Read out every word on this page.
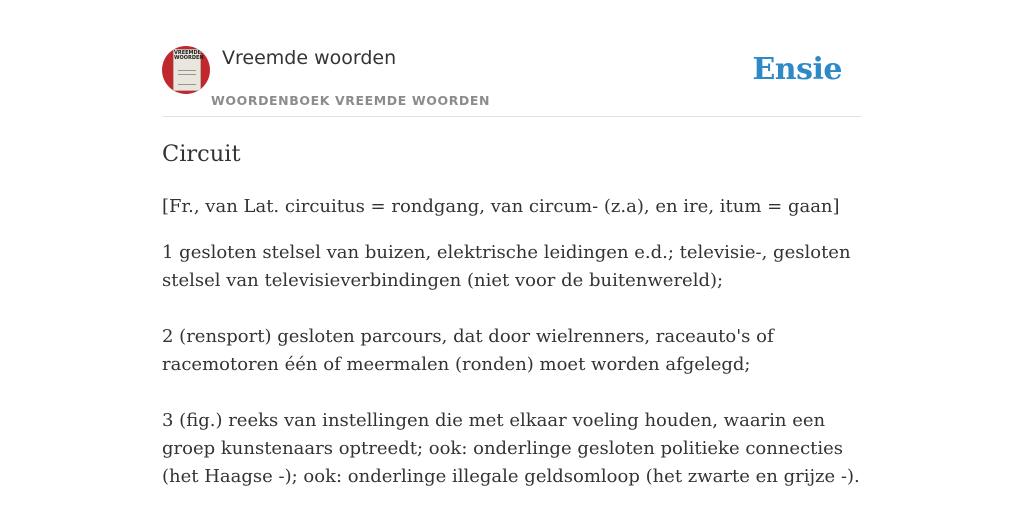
VREEMDE WOORDEN Vreemde woorden
WOORDENBOEK VREEMDE WOORDEN
Ensie
Circuit
[Fr., van Lat. circuitus = rondgang, van circum- (z.a), en ire, itum = gaan]

1 gesloten stelsel van buizen, elektrische leidingen e.d.; televisie-, gesloten stelsel van televisieverbindingen (niet voor de buitenwereld);

2 (rensport) gesloten parcours, dat door wielrenners, raceauto's of racemotoren één of meermalen (ronden) moet worden afgelegd;

3 (fig.) reeks van instellingen die met elkaar voeling houden, waarin een groep kunstenaars optreedt; ook: onderlinge gesloten politieke connecties (het Haagse -); ook: onderlinge illegale geldsomloop (het zwarte en grijze -).
